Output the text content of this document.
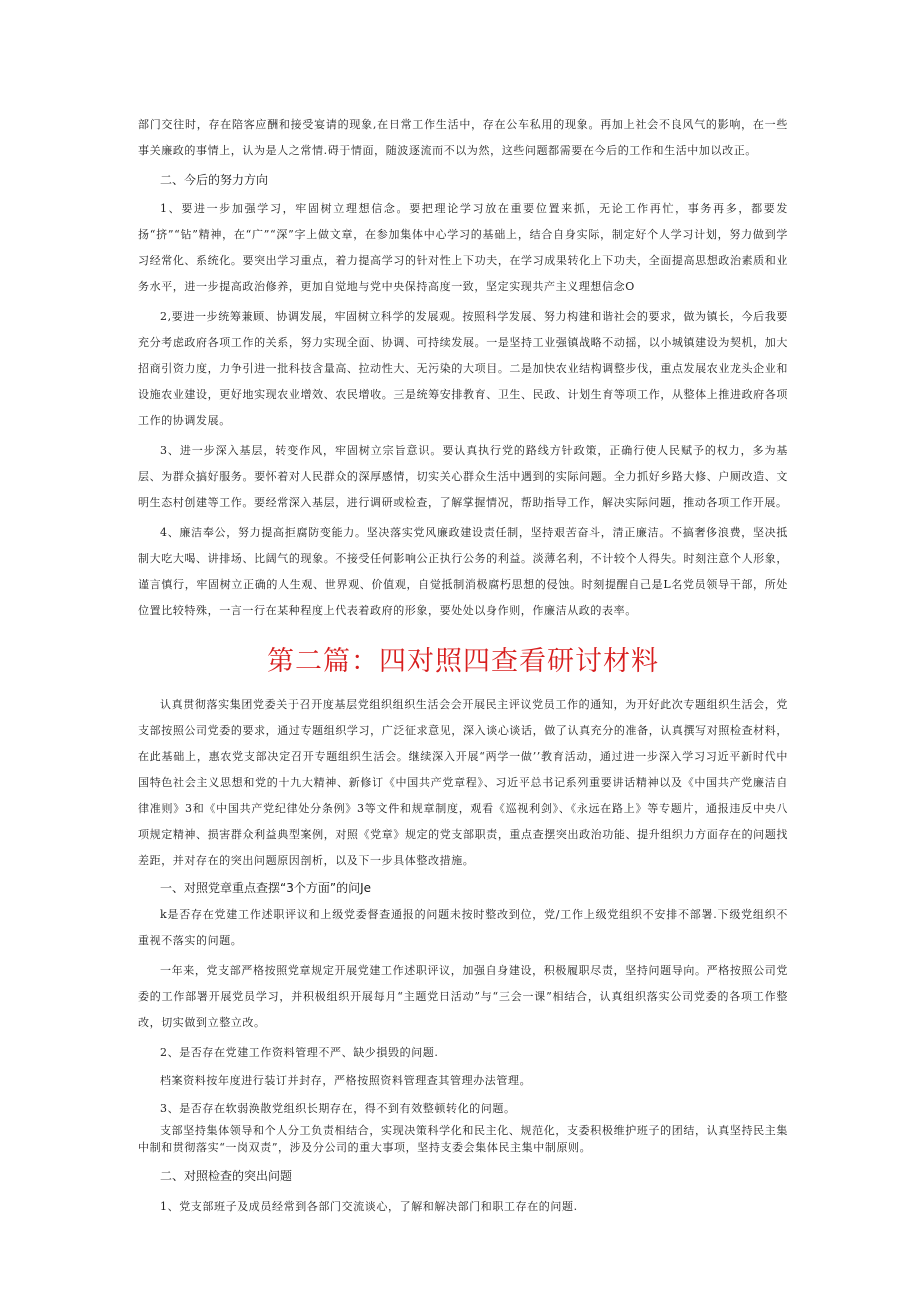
部门交往时，存在陪客应酬和接受宴请的现象,在日常工作生活中，存在公车私用的现象。再加上社会不良风气的影响，在一些事关廉政的事情上，认为是人之常情.碍于情面，随波逐流而不以为然，这些问题都需要在今后的工作和生活中加以改正。

二、今后的努力方向

1、要进一步加强学习，牢固树立理想信念。要把理论学习放在重要位置来抓，无论工作再忙，事务再多，都要发扬“挤”“钻”精神，在“广”“深”字上做文章，在参加集体中心学习的基础上，结合自身实际，制定好个人学习计划，努力做到学习经常化、系统化。要突出学习重点，着力提高学习的针对性上下功夫，在学习成果转化上下功夫，全面提高思想政治素质和业务水平，进一步提高政治修养，更加自觉地与党中央保持高度一致，坚定实现共产主义理想信念O

2,要进一步统筹兼顾、协调发展，牢固树立科学的发展观。按照科学发展、努力构建和谐社会的要求，做为镇长，今后我要充分考虑政府各项工作的关系，努力实现全面、协调、可持续发展。一是坚持工业强镇战略不动摇，以小城镇建设为契机，加大招商引资力度，力争引进一批科技含量高、拉动性大、无污染的大项目。二是加快农业结构调整步伐，重点发展农业龙头企业和设施农业建设，更好地实现农业增效、农民增收。三是统筹安排教育、卫生、民政、计划生育等项工作，从整体上推进政府各项工作的协调发展。

3、进一步深入基层，转变作风，牢固树立宗旨意识。要认真执行党的路线方针政策，正确行使人民赋予的权力，多为基层、为群众搞好服务。要怀着对人民群众的深厚感情，切实关心群众生活中遇到的实际问题。全力抓好乡路大修、户厕改造、文明生态村创建等工作。要经常深入基层，进行调研或检查，了解掌握情况，帮助指导工作，解决实际问题，推动各项工作开展。

4、廉洁奉公，努力提高拒腐防变能力。坚决落实党风廉政建设责任制，坚持艰苦奋斗，清正廉洁。不搞奢侈浪费，坚决抵制大吃大喝、讲排场、比阔气的现象。不接受任何影响公正执行公务的利益。淡薄名利，不计较个人得失。时刻注意个人形象，谨言慎行，牢固树立正确的人生观、世界观、价值观，自觉抵制消极腐朽思想的侵蚀。时刻提醒自己是L名党员领导干部，所处位置比较特殊，一言一行在某种程度上代表着政府的形象，要处处以身作则，作廉洁从政的表率。

第二篇：四对照四查看研讨材料

认真贯彻落实集团党委关于召开度基层党组织组织生活会会开展民主评议党员工作的通知，为开好此次专题组织生活会，党支部按照公司党委的要求，通过专题组织学习，广泛征求意见，深入谈心谈话，做了认真充分的准备，认真撰写对照检查材料，在此基础上，惠农党支部决定召开专题组织生活会。继续深入开展“两学一做’’教育活动，通过进一步深入学习习近平新时代中国特色社会主义思想和党的十九大精神、新修订《中国共产党章程》、习近平总书记系列重要讲话精神以及《中国共产党廉洁自律准则》3和《中国共产党纪律处分条例》3等文件和规章制度，观看《巡视利剑》、《永远在路上》等专题片，通报违反中央八项规定精神、损害群众利益典型案例，对照《党章》规定的党支部职责，重点查摆突出政治功能、提升组织力方面存在的问题找差距，并对存在的突出问题原因剖析，以及下一步具体整改措施。

一、对照党章重点查摆“3个方面”的问Je

k是否存在党建工作述职评议和上级党委督查通报的问题未按时整改到位，党/工作上级党组织不安排不部署.下级党组织不重视不落实的问题。

一年来，党支部严格按照党章规定开展党建工作述职评议，加强自身建设，积极履职尽责，坚持问题导向。严格按照公司党委的工作部署开展党员学习，并积极组织开展每月“主题党日活动”与“三会一课”相结合，认真组织落实公司党委的各项工作整改，切实做到立整立改。

2、是否存在党建工作资料管理不严、缺少損毁的问题.

档案资料按年度进行装订并封存，严格按照资料管理查其管理办法管理。

3、是否存在软弱涣散党组织长期存在，得不到有效整顿转化的问题。

支部坚持集体领导和个人分工负责相结合，实现决策科学化和民主化、规范化，支委积极维护班子的团结，认真坚持民主集中制和贯彻落实“一岗双责”，涉及分公司的重大事项，坚持支委会集体民主集中制原则。

二、对照检查的突出问题

1、党支部班子及成员经常到各部门交流谈心，了解和解决部门和职工存在的问题.
